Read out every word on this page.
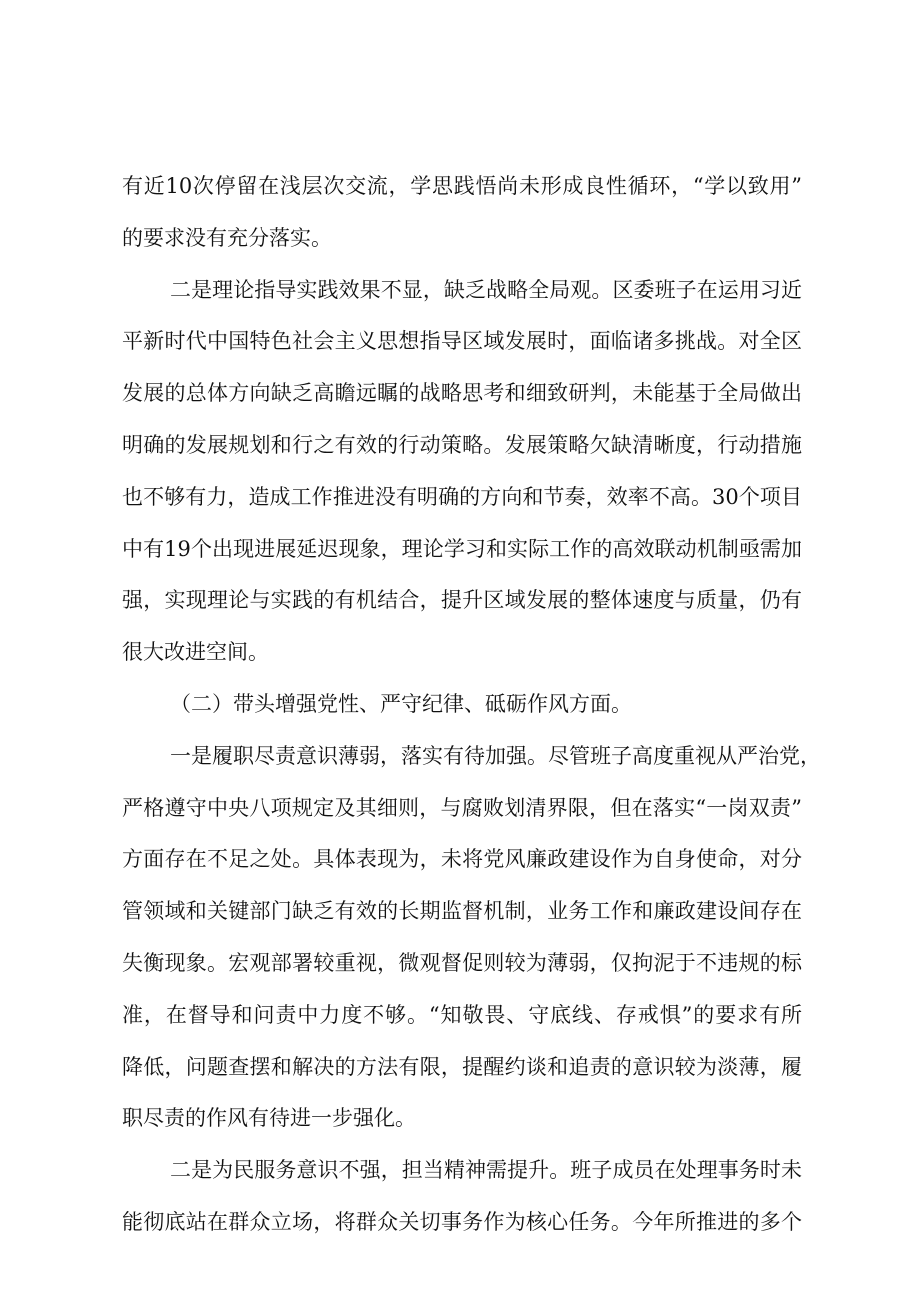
有近10次停留在浅层次交流，学思践悟尚未形成良性循环，“学以致用”
的要求没有充分落实。
二是理论指导实践效果不显，缺乏战略全局观。区委班子在运用习近
平新时代中国特色社会主义思想指导区域发展时，面临诸多挑战。对全区
发展的总体方向缺乏高瞻远瞩的战略思考和细致研判，未能基于全局做出
明确的发展规划和行之有效的行动策略。发展策略欠缺清晰度，行动措施
也不够有力，造成工作推进没有明确的方向和节奏，效率不高。30个项目
中有19个出现进展延迟现象，理论学习和实际工作的高效联动机制亟需加
强，实现理论与实践的有机结合，提升区域发展的整体速度与质量，仍有
很大改进空间。
（二）带头增强党性、严守纪律、砥砺作风方面。
一是履职尽责意识薄弱，落实有待加强。尽管班子高度重视从严治党，
严格遵守中央八项规定及其细则，与腐败划清界限，但在落实“一岗双责”
方面存在不足之处。具体表现为，未将党风廉政建设作为自身使命，对分
管领域和关键部门缺乏有效的长期监督机制，业务工作和廉政建设间存在
失衡现象。宏观部署较重视，微观督促则较为薄弱，仅拘泥于不违规的标
准，在督导和问责中力度不够。“知敬畏、守底线、存戒惧”的要求有所
降低，问题查摆和解决的方法有限，提醒约谈和追责的意识较为淡薄，履
职尽责的作风有待进一步强化。
二是为民服务意识不强，担当精神需提升。班子成员在处理事务时未
能彻底站在群众立场，将群众关切事务作为核心任务。今年所推进的多个
